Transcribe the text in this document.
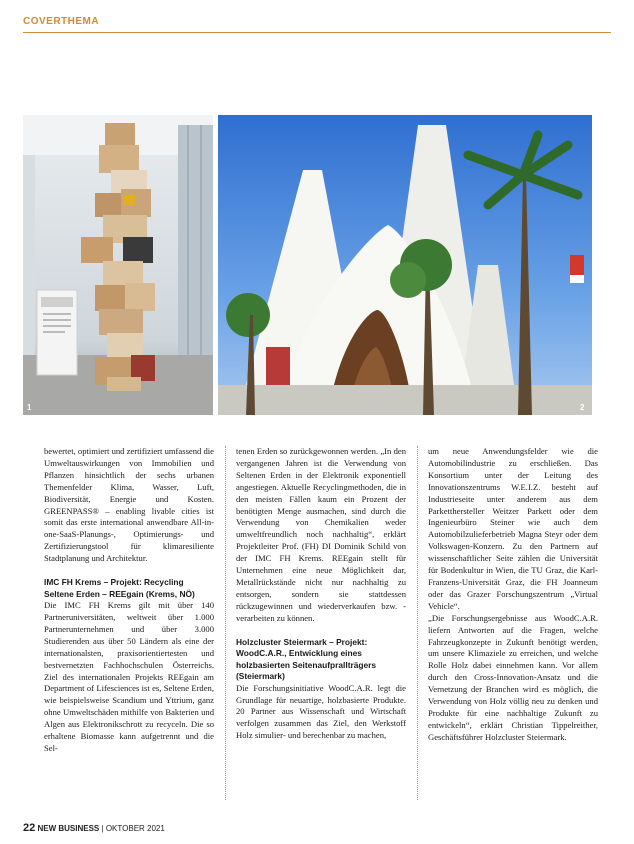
COVERTHEMA
1	2

bewertet, optimiert und zertifiziert umfassend die Umweltauswirkungen von Immobilien und Pflanzen hinsichtlich der sechs urbanen Themenfelder Klima, Wasser, Luft, Biodiversität, Energie und Kosten. GREENPASS® – enabling livable cities ist somit das erste international anwendbare All-in-one-SaaS-Planungs-, Optimierungs- und Zertifizierungstool für klimaresiliente Stadtplanung und Architektur.

IMC FH Krems – Projekt: Recycling Seltene Erden – REEgain (Krems, NÖ)

Die IMC FH Krems gilt mit über 140 Partneruniversitäten, weltweit über 1.000 Partnerunternehmen und über 3.000 Studierenden aus über 50 Ländern als eine der internationalsten, praxisorientiertesten und bestvernetzten Fachhochschulen Österreichs. Ziel des internationalen Projekts REEgain am Department of Lifesciences ist es, Seltene Erden, wie beispielsweise Scandium und Yttrium, ganz ohne Umweltschäden mithilfe von Bakterien und Algen aus Elektronikschrott zu recyceln. Die so erhaltene Biomasse kann aufgetrennt und die Sel-

tenen Erden so zurückgewonnen werden. „In den vergangenen Jahren ist die Verwendung von Seltenen Erden in der Elektronik exponentiell angestiegen. Aktuelle Recyclingmethoden, die in den meisten Fällen kaum ein Prozent der benötigten Menge ausmachen, sind durch die Verwendung von Chemikalien weder umweltfreundlich noch nachhaltig“, erklärt Projektleiter Prof. (FH) DI Dominik Schild von der IMC FH Krems. REEgain stellt für Unternehmen eine neue Möglichkeit dar, Metallrückstände nicht nur nachhaltig zu entsorgen, sondern sie stattdessen rückzugewinnen und wiederverkaufen bzw. -verarbeiten zu können.

Holzcluster Steiermark – Projekt: WoodC.A.R., Entwicklung eines holzbasierten Seitenaufprallträgers (Steiermark)

Die Forschungsinitiative WoodC.A.R. legt die Grundlage für neuartige, holzbasierte Produkte. 20 Partner aus Wissenschaft und Wirtschaft verfolgen zusammen das Ziel, den Werkstoff Holz simulier- und berechenbar zu machen,

um neue Anwendungsfelder wie die Automobilindustrie zu erschließen. Das Konsortium unter der Leitung des Innovationszentrums W.E.I.Z. besteht auf Industrieseite unter anderem aus dem Parketthersteller Weitzer Parkett oder dem Ingenieurbüro Steiner wie auch dem Automobilzulieferbetrieb Magna Steyr oder dem Volkswagen-Konzern. Zu den Partnern auf wissenschaftlicher Seite zählen die Universität für Bodenkultur in Wien, die TU Graz, die Karl-Franzens-Universität Graz, die FH Joanneum oder das Grazer Forschungszentrum „Virtual Vehicle“.

„Die Forschungsergebnisse aus WoodC.A.R. liefern Antworten auf die Fragen, welche Fahrzeugkonzepte in Zukunft benötigt werden, um unsere Klimaziele zu erreichen, und welche Rolle Holz dabei einnehmen kann. Vor allem durch den Cross-Innovation-Ansatz und die Vernetzung der Branchen wird es möglich, die Verwendung von Holz völlig neu zu denken und Produkte für eine nachhaltige Zukunft zu entwickeln“, erklärt Christian Tippelreither, Geschäftsführer Holzcluster Steiermark.

22 NEW BUSINESS | OKTOBER 2021
